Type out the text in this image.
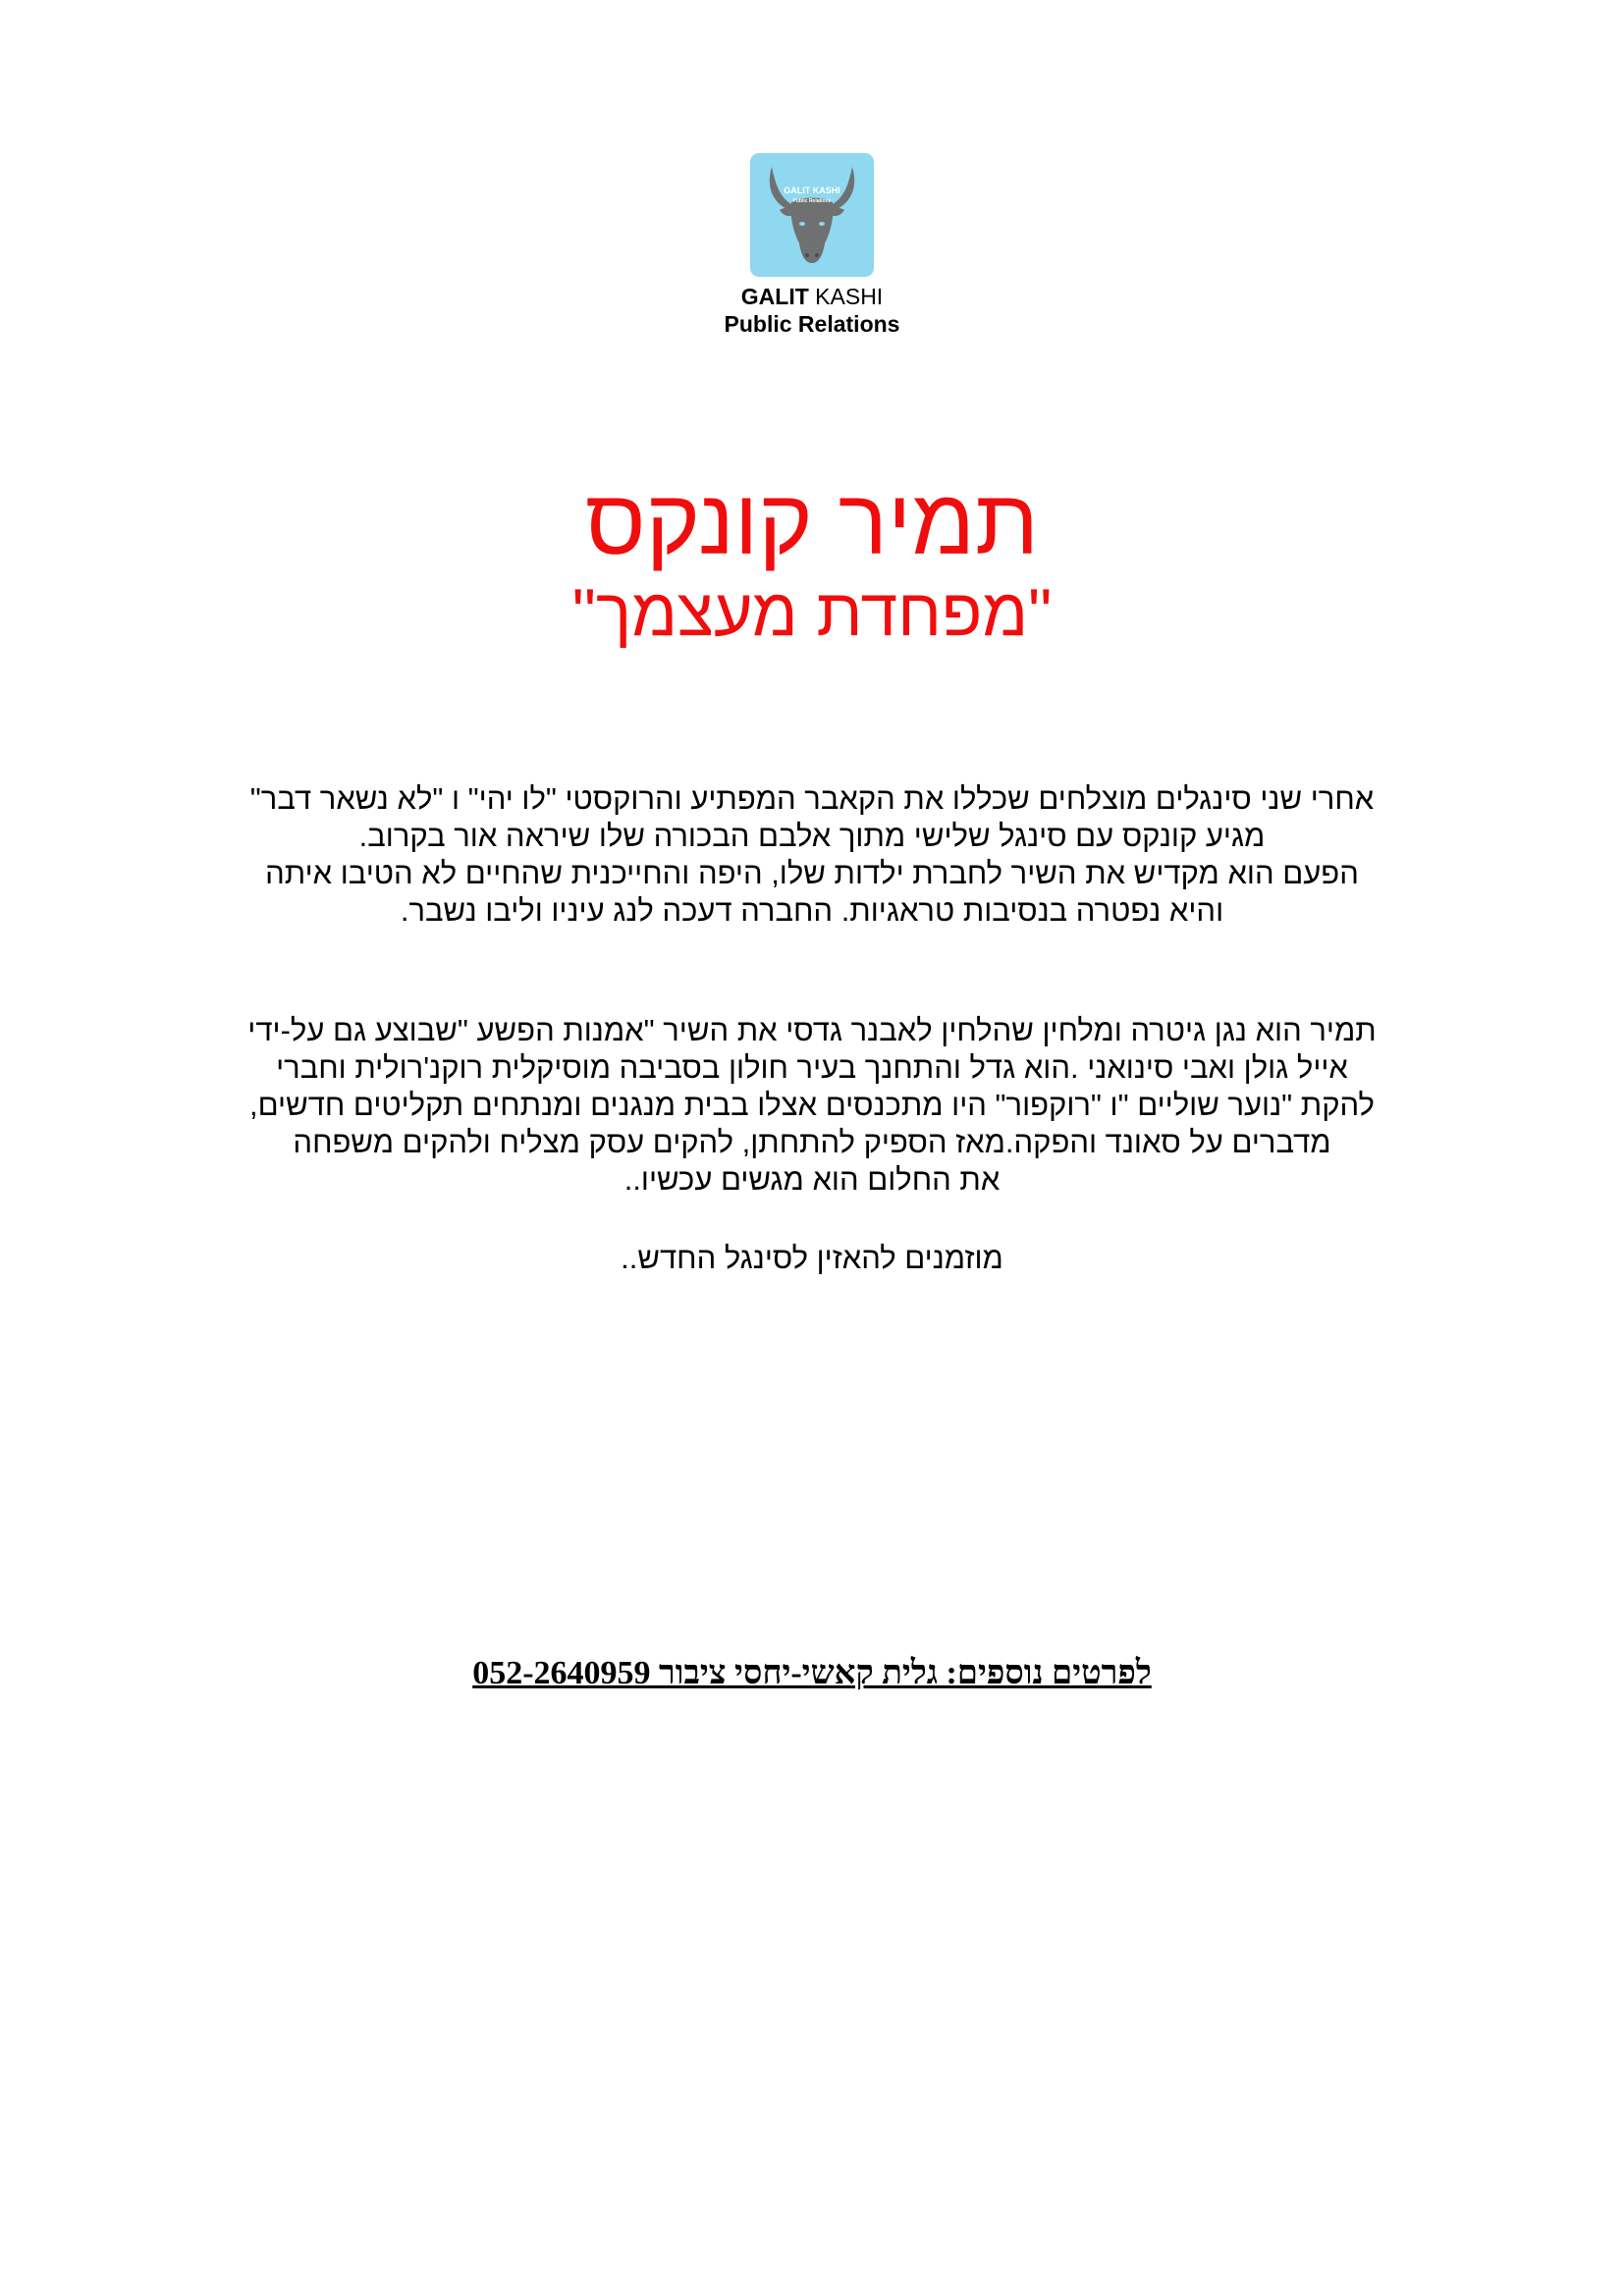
GALIT KASHI
Public Relations
GALIT KASHI
Public Relations
תמיר קונקס
"מפחדת מעצמך"
אחרי שני סינגלים מוצלחים שכללו את הקאבר המפתיע והרוקסטי "לו יהי" ו "לא נשאר דבר"
מגיע קונקס עם סינגל שלישי מתוך אלבם הבכורה שלו שיראה אור בקרוב.
הפעם הוא מקדיש את השיר לחברת ילדות שלו, היפה והחייכנית שהחיים לא הטיבו איתה
והיא נפטרה בנסיבות טראגיות. החברה דעכה לנג עיניו וליבו נשבר.
תמיר הוא נגן גיטרה ומלחין שהלחין לאבנר גדסי את השיר "אמנות הפשע "שבוצע גם על-ידי
אייל גולן ואבי סינואני .הוא גדל והתחנך בעיר חולון בסביבה מוסיקלית רוקנ'רולית וחברי
להקת "נוער שוליים "ו "רוקפור" היו מתכנסים אצלו בבית מנגנים ומנתחים תקליטים חדשים,
מדברים על סאונד והפקה.מאז הספיק להתחתן, להקים עסק מצליח ולהקים משפחה
את החלום הוא מגשים עכשיו..
מוזמנים להאזין לסינגל החדש..
לפרטים נוספים: גלית קאשי-יחסי ציבור 052-2640959
